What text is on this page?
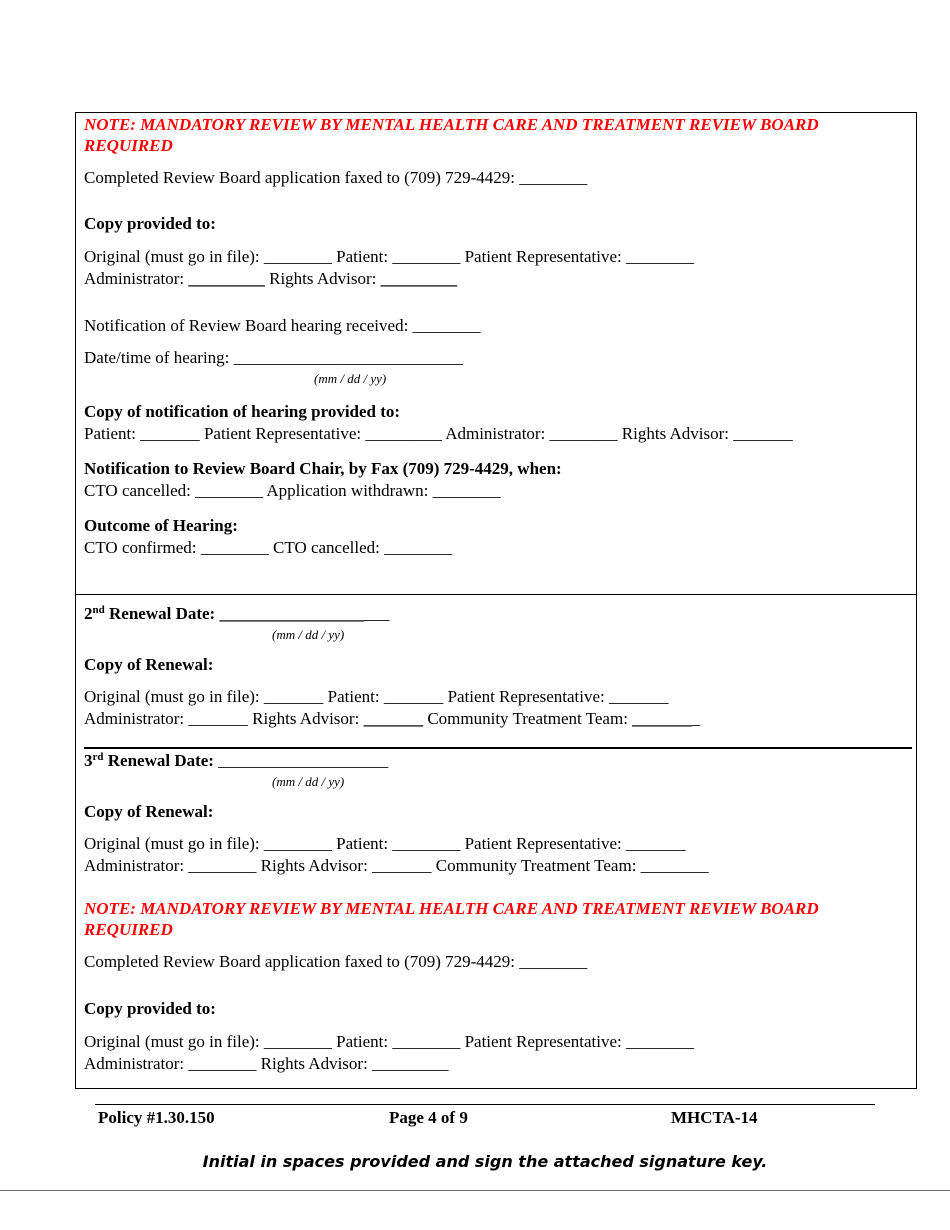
NOTE: MANDATORY REVIEW BY MENTAL HEALTH CARE AND TREATMENT REVIEW BOARD REQUIRED
Completed Review Board application faxed to (709) 729-4429: ________
Copy provided to:
Original (must go in file): ________ Patient: ________ Patient Representative: ________
Administrator: _________ Rights Advisor: _________
Notification of Review Board hearing received: ________
Date/time of hearing: ___________________________
(mm / dd / yy)
Copy of notification of hearing provided to:
Patient: _______ Patient Representative: _________ Administrator: ________ Rights Advisor: _______
Notification to Review Board Chair, by Fax (709) 729-4429, when:
CTO cancelled: ________ Application withdrawn: ________
Outcome of Hearing:
CTO confirmed: ________ CTO cancelled: ________
2nd Renewal Date: ____________________
(mm / dd / yy)
Copy of Renewal:
Original (must go in file): _______ Patient: _______ Patient Representative: _______
Administrator: _______ Rights Advisor: _______ Community Treatment Team: ________
3rd Renewal Date: ____________________
(mm / dd / yy)
Copy of Renewal:
Original (must go in file): ________ Patient: ________ Patient Representative: _______
Administrator: ________ Rights Advisor: _______ Community Treatment Team: ________
NOTE: MANDATORY REVIEW BY MENTAL HEALTH CARE AND TREATMENT REVIEW BOARD REQUIRED
Completed Review Board application faxed to (709) 729-4429: ________
Copy provided to:
Original (must go in file): ________ Patient: ________ Patient Representative: ________
Administrator: ________ Rights Advisor: _________
Policy #1.30.150	Page 4 of 9	MHCTA-14
Initial in spaces provided and sign the attached signature key.
